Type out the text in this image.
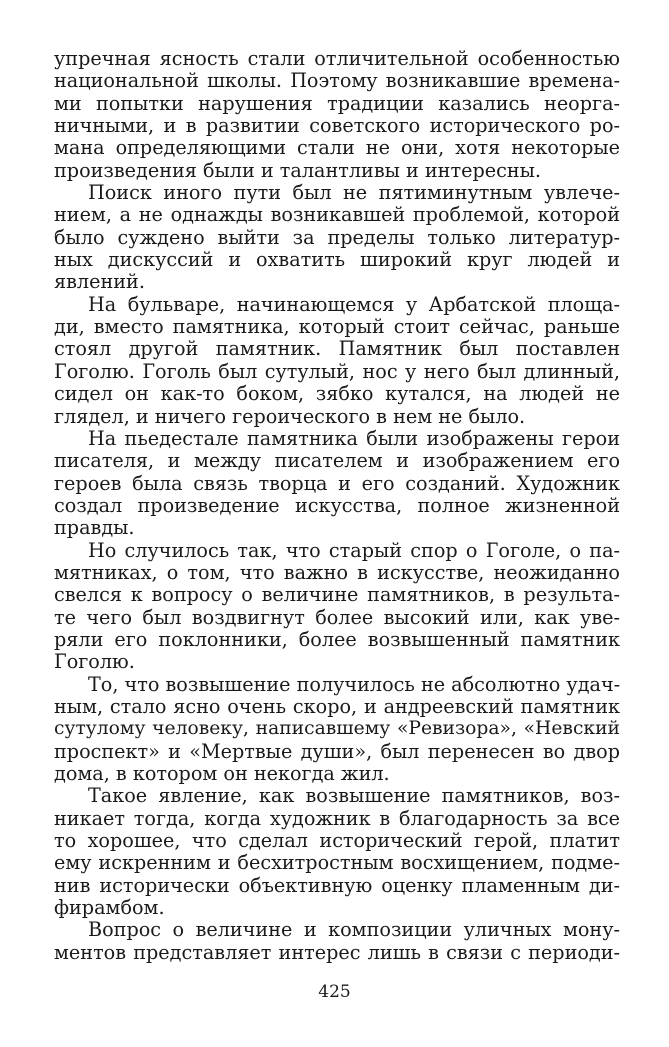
упречная ясность стали отличительной особенностью
национальной школы. Поэтому возникавшие времена-
ми попытки нарушения традиции казались неорга-
ничными, и в развитии советского исторического ро-
мана определяющими стали не они, хотя некоторые
произведения были и талантливы и интересны.
Поиск иного пути был не пятиминутным увлече-
нием, а не однажды возникавшей проблемой, которой
было суждено выйти за пределы только литератур-
ных дискуссий и охватить широкий круг людей и
явлений.
На бульваре, начинающемся у Арбатской площа-
ди, вместо памятника, который стоит сейчас, раньше
стоял другой памятник. Памятник был поставлен
Гоголю. Гоголь был сутулый, нос у него был длинный,
сидел он как-то боком, зябко кутался, на людей не
глядел, и ничего героического в нем не было.
На пьедестале памятника были изображены герои
писателя, и между писателем и изображением его
героев была связь творца и его созданий. Художник
создал произведение искусства, полное жизненной
правды.
Но случилось так, что старый спор о Гоголе, о па-
мятниках, о том, что важно в искусстве, неожиданно
свелся к вопросу о величине памятников, в результа-
те чего был воздвигнут более высокий или, как уве-
ряли его поклонники, более возвышенный памятник
Гоголю.
То, что возвышение получилось не абсолютно удач-
ным, стало ясно очень скоро, и андреевский памятник
сутулому человеку, написавшему «Ревизора», «Невский
проспект» и «Мертвые души», был перенесен во двор
дома, в котором он некогда жил.
Такое явление, как возвышение памятников, воз-
никает тогда, когда художник в благодарность за все
то хорошее, что сделал исторический герой, платит
ему искренним и бесхитростным восхищением, подме-
нив исторически объективную оценку пламенным ди-
фирамбом.
Вопрос о величине и композиции уличных мону-
ментов представляет интерес лишь в связи с периоди-
425
